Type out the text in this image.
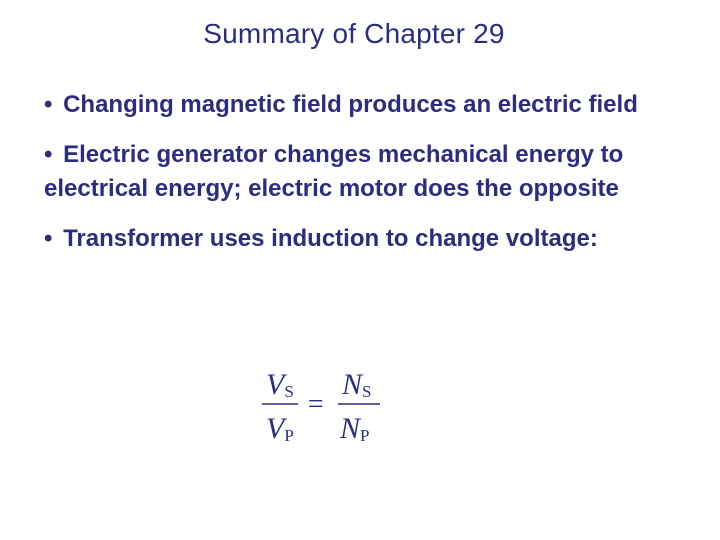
Summary of Chapter 29
• Changing magnetic field produces an electric field
• Electric generator changes mechanical energy to electrical energy; electric motor does the opposite
• Transformer uses induction to change voltage:
VS
VP
=
NS
NP
